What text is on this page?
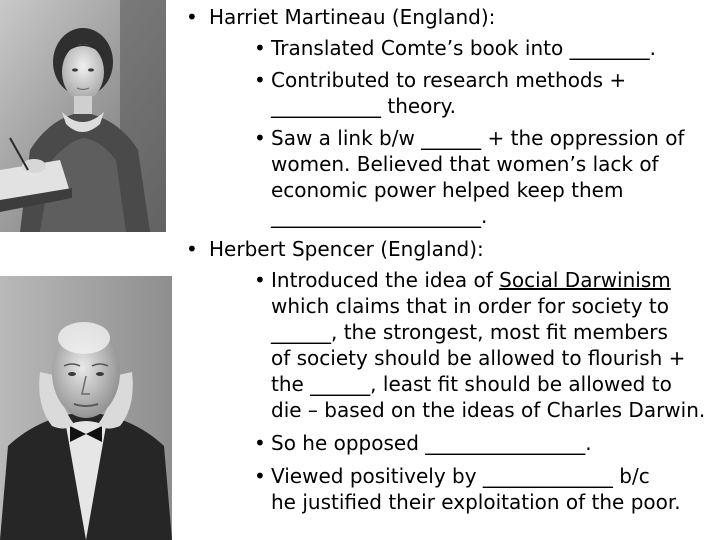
• Harriet Martineau (England):
• Translated Comte’s book into ________.
• Contributed to research methods +
___________ theory.
• Saw a link b/w ______ + the oppression of
women. Believed that women’s lack of
economic power helped keep them
_____________________.
• Herbert Spencer (England):
• Introduced the idea of Social Darwinism
which claims that in order for society to
______, the strongest, most fit members
of society should be allowed to flourish +
the ______, least fit should be allowed to
die – based on the ideas of Charles Darwin.
• So he opposed ________________.
• Viewed positively by _____________ b/c
he justified their exploitation of the poor.
